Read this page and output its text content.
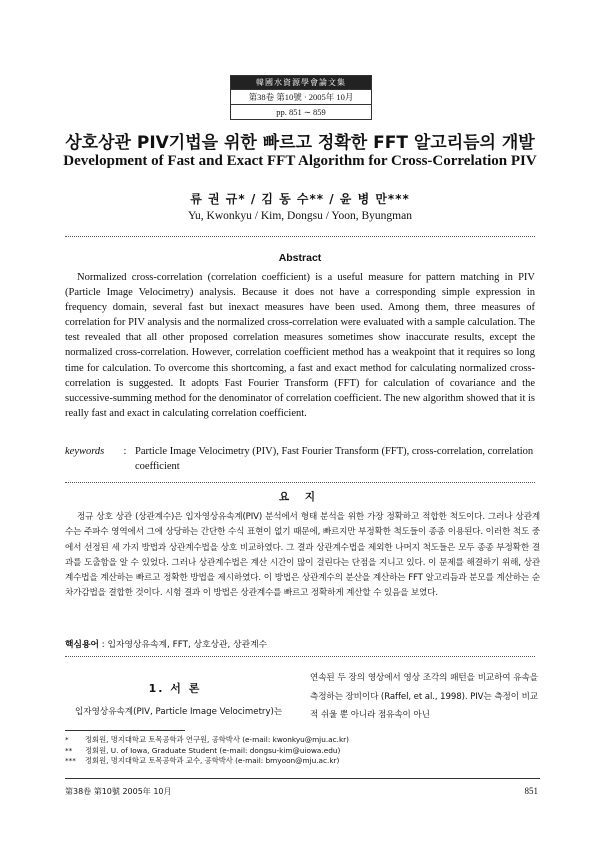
韓國水資源學會論文集
第38卷 第10號 · 2005年 10月
pp. 851 ∼ 859
상호상관 PIV기법을 위한 빠르고 정확한 FFT 알고리듬의 개발
Development of Fast and Exact FFT Algorithm for Cross-Correlation PIV
류 권 규* / 김 동 수** / 윤 병 만***
Yu, Kwonkyu / Kim, Dongsu / Yoon, Byungman
Abstract

Normalized cross-correlation (correlation coefficient) is a useful measure for pattern matching in PIV (Particle Image Velocimetry) analysis. Because it does not have a corresponding simple expression in frequency domain, several fast but inexact measures have been used. Among them, three measures of correlation for PIV analysis and the normalized cross-correlation were evaluated with a sample calculation. The test revealed that all other proposed correlation measures sometimes show inaccurate results, except the normalized cross-correlation. However, correlation coefficient method has a weakpoint that it requires so long time for calculation. To overcome this shortcoming, a fast and exact method for calculating normalized cross-correlation is suggested. It adopts Fast Fourier Transform (FFT) for calculation of covariance and the successive-summing method for the denominator of correlation coefficient. The new algorithm showed that it is really fast and exact in calculating correlation coefficient.

keywords	: Particle Image Velocimetry (PIV), Fast Fourier Transform (FFT), cross-correlation, correlation coefficient
요 지

정규 상호 상관 (상관계수)은 입자영상유속계(PIV) 분석에서 형태 분석을 위한 가장 정확하고 적합한 척도이다. 그러나 상관계수는 주파수 영역에서 그에 상당하는 간단한 수식 표현이 없기 때문에, 빠르지만 부정확한 척도들이 종종 이용된다. 이러한 척도 중에서 선정된 세 가지 방법과 상관계수법을 상호 비교하였다. 그 결과 상관계수법을 제외한 나머지 척도들은 모두 종종 부정확한 결과를 도출함을 알 수 있었다. 그러나 상관계수법은 계산 시간이 많이 걸린다는 단점을 지니고 있다. 이 문제를 해결하기 위해, 상관계수법을 계산하는 빠르고 정확한 방법을 제시하였다. 이 방법은 상관계수의 분산을 계산하는 FFT 알고리듬과 분모를 계산하는 순차가감법을 결합한 것이다. 시험 결과 이 방법은 상관계수를 빠르고 정확하게 계산할 수 있음을 보였다.

핵심용어 : 입자영상유속계, FFT, 상호상관, 상관계수
1. 서 론

입자영상유속계(PIV, Particle Image Velocimetry)는

연속된 두 장의 영상에서 영상 조각의 패턴을 비교하여 유속을 측정하는 장비이다 (Raffel, et al., 1998). PIV는 측정이 비교적 쉬울 뿐 아니라 점유속이 아닌

*	정회원, 명지대학교 토목공학과 연구원, 공학박사 (e-mail: kwonkyu@mju.ac.kr)
**	정회원, U. of Iowa, Graduate Student (e-mail: dongsu-kim@uiowa.edu)
***	정회원, 명지대학교 토목공학과 교수, 공학박사 (e-mail: bmyoon@mju.ac.kr)
第38卷 第10號 2005年 10月	851
